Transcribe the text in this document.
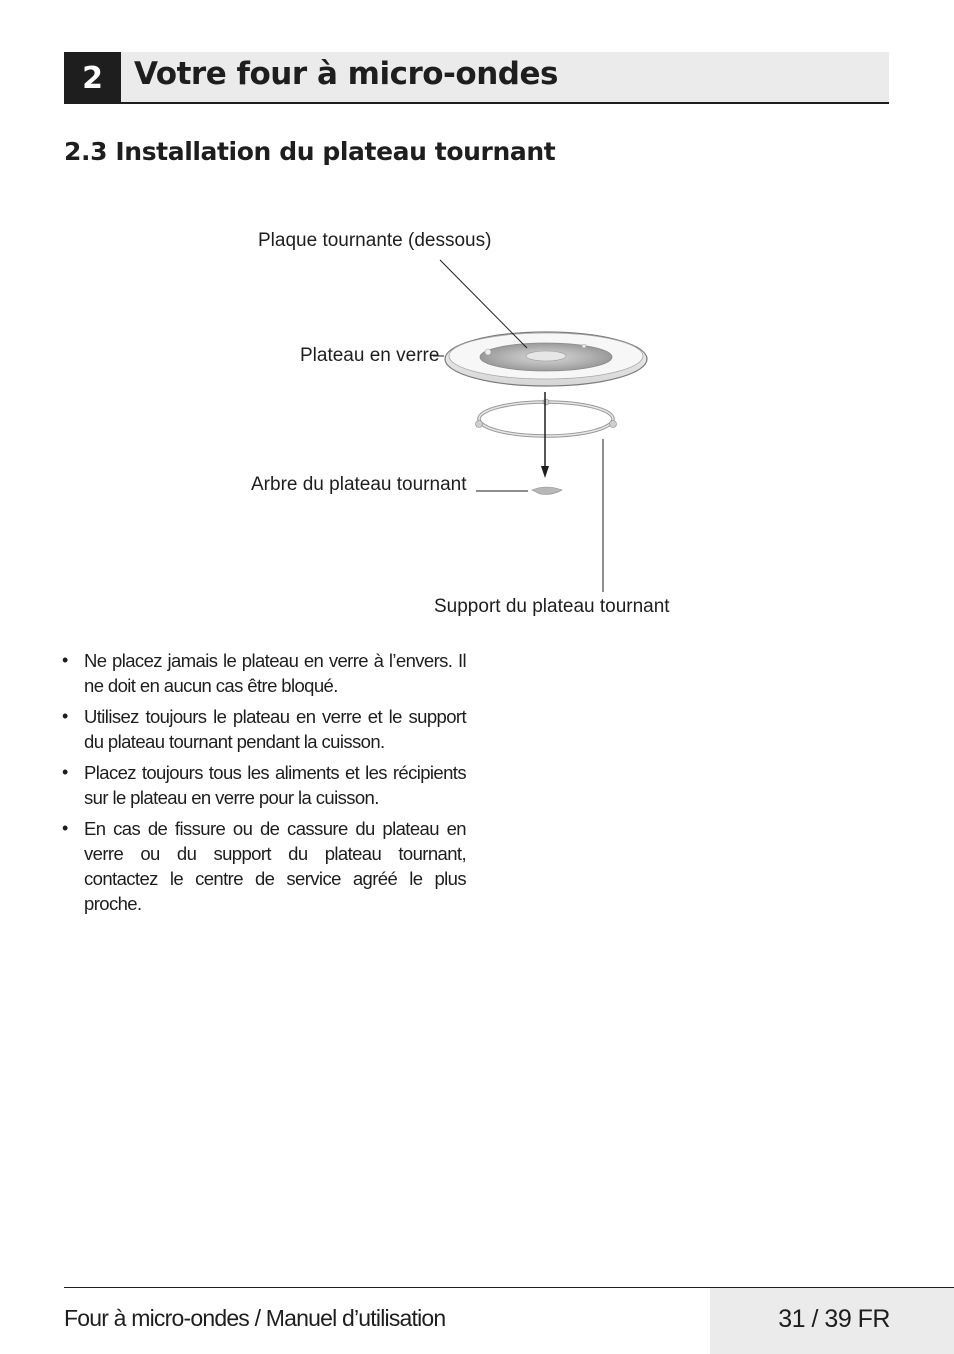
2	Votre four à micro-ondes
2.3 Installation du plateau tournant
Plaque tournante (dessous)
Plateau en verre
Arbre du plateau tournant
Support du plateau tournant
• Ne placez jamais le plateau en verre à l’envers. Il ne doit en aucun cas être bloqué.
• Utilisez toujours le plateau en verre et le support du plateau tournant pendant la cuisson.
• Placez toujours tous les aliments et les récipients sur le plateau en verre pour la cuisson.
• En cas de fissure ou de cassure du plateau en verre ou du support du plateau tournant, contactez le centre de service agréé le plus proche.
Four à micro-ondes / Manuel d’utilisation	31 / 39 FR
